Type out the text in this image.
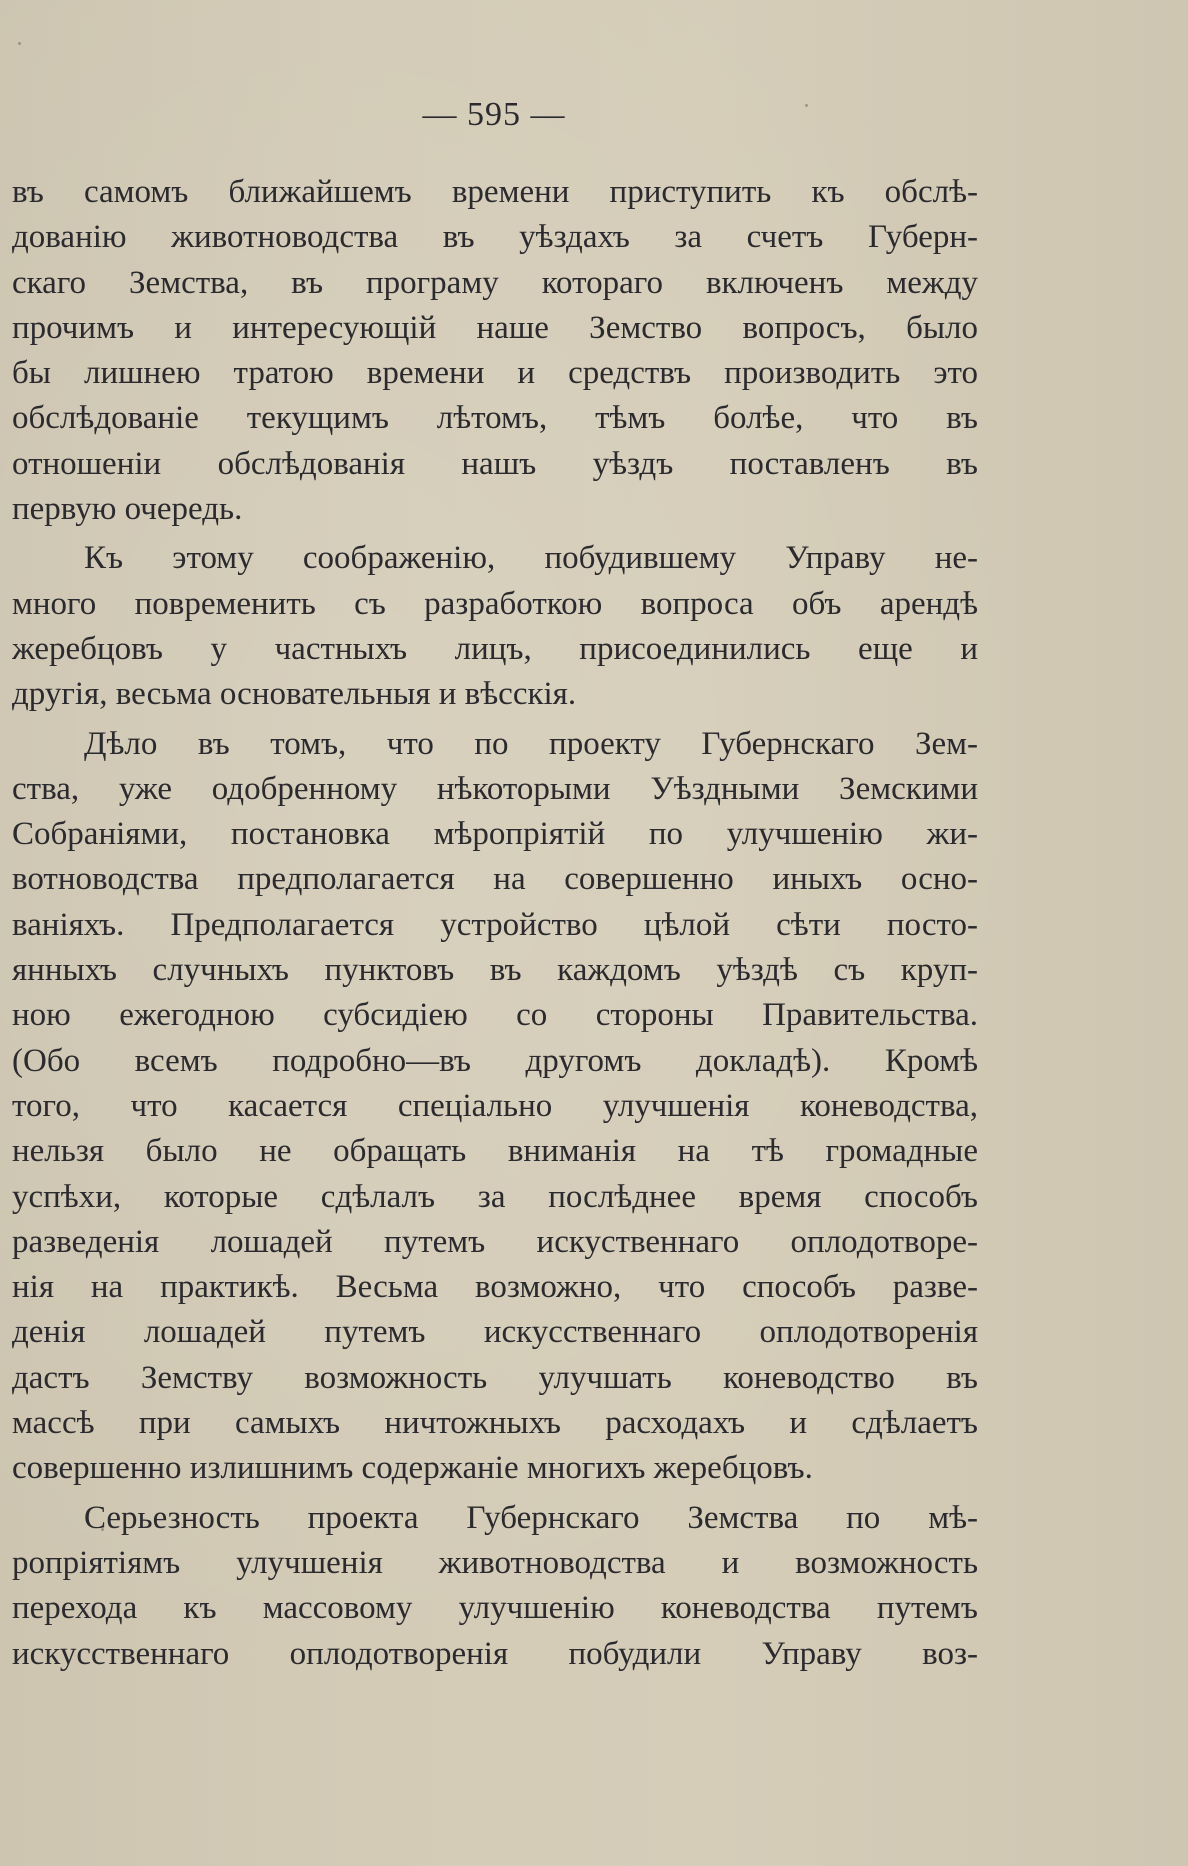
— 595 —
въ самомъ ближайшемъ времени приступить къ обслѣ-
дованію животноводства въ уѣздахъ за счетъ Губерн-
скаго Земства, въ програму котораго включенъ между
прочимъ и интересующій наше Земство вопросъ, было
бы лишнею тратою времени и средствъ производить это
обслѣдованіе текущимъ лѣтомъ, тѣмъ болѣе, что въ
отношеніи обслѣдованія нашъ уѣздъ поставленъ въ
первую очередь.
Къ этому соображенію, побудившему Управу не-
много повременить съ разработкою вопроса объ арендѣ
жеребцовъ у частныхъ лицъ, присоединились еще и
другія, весьма основательныя и вѣсскія.
Дѣло въ томъ, что по проекту Губернскаго Зем-
ства, уже одобренному нѣкоторыми Уѣздными Земскими
Собраніями, постановка мѣропріятій по улучшенію жи-
вотноводства предполагается на совершенно иныхъ осно-
ваніяхъ. Предполагается устройство цѣлой сѣти посто-
янныхъ случныхъ пунктовъ въ каждомъ уѣздѣ съ круп-
ною ежегодною субсидіею со стороны Правительства.
(Обо всемъ подробно—въ другомъ докладѣ). Кромѣ
того, что касается спеціально улучшенія коневодства,
нельзя было не обращать вниманія на тѣ громадные
успѣхи, которые сдѣлалъ за послѣднее время способъ
разведенія лошадей путемъ искуственнаго оплодотворе-
нія на практикѣ. Весьма возможно, что способъ разве-
денія лошадей путемъ искусственнаго оплодотворенія
дастъ Земству возможность улучшать коневодство въ
массѣ при самыхъ ничтожныхъ расходахъ и сдѣлаетъ
совершенно излишнимъ содержаніе многихъ жеребцовъ.
Серьезность проекта Губернскаго Земства по мѣ-
ропріятіямъ улучшенія животноводства и возможность
перехода къ массовому улучшенію коневодства путемъ
искусственнаго оплодотворенія побудили Управу воз-
